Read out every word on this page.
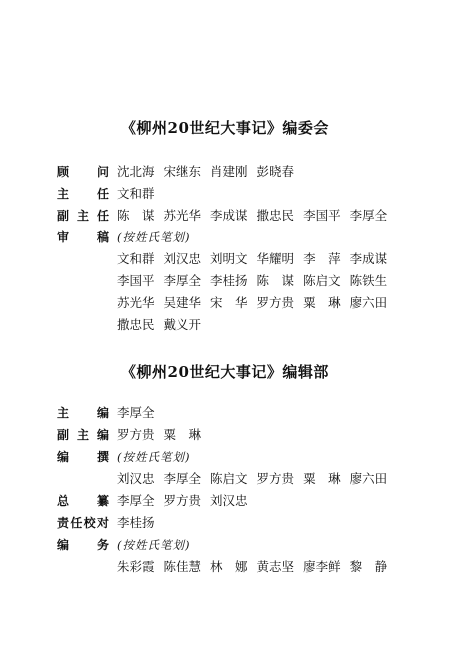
《柳州20世纪大事记》编委会
顾　问 沈北海 宋继东 肖建刚 彭晓春
主　任 文和群
副主任 陈　谋 苏光华 李成谋 撒忠民 李国平 李厚全
审　稿 (按姓氏笔划)
文和群 刘汉忠 刘明文 华耀明 李　萍 李成谋
李国平 李厚全 李桂扬 陈　谋 陈启文 陈铁生
苏光华 吴建华 宋　华 罗方贵 粟　琳 廖六田
撒忠民 戴义开
《柳州20世纪大事记》编辑部
主　编 李厚全
副主编 罗方贵 粟　琳
编　撰 (按姓氏笔划)
刘汉忠 李厚全 陈启文 罗方贵 粟　琳 廖六田
总　纂 李厚全 罗方贵 刘汉忠
责任校对 李桂扬
编　务 (按姓氏笔划)
朱彩霞 陈佳慧 林　娜 黄志坚 廖李鲜 黎　静
